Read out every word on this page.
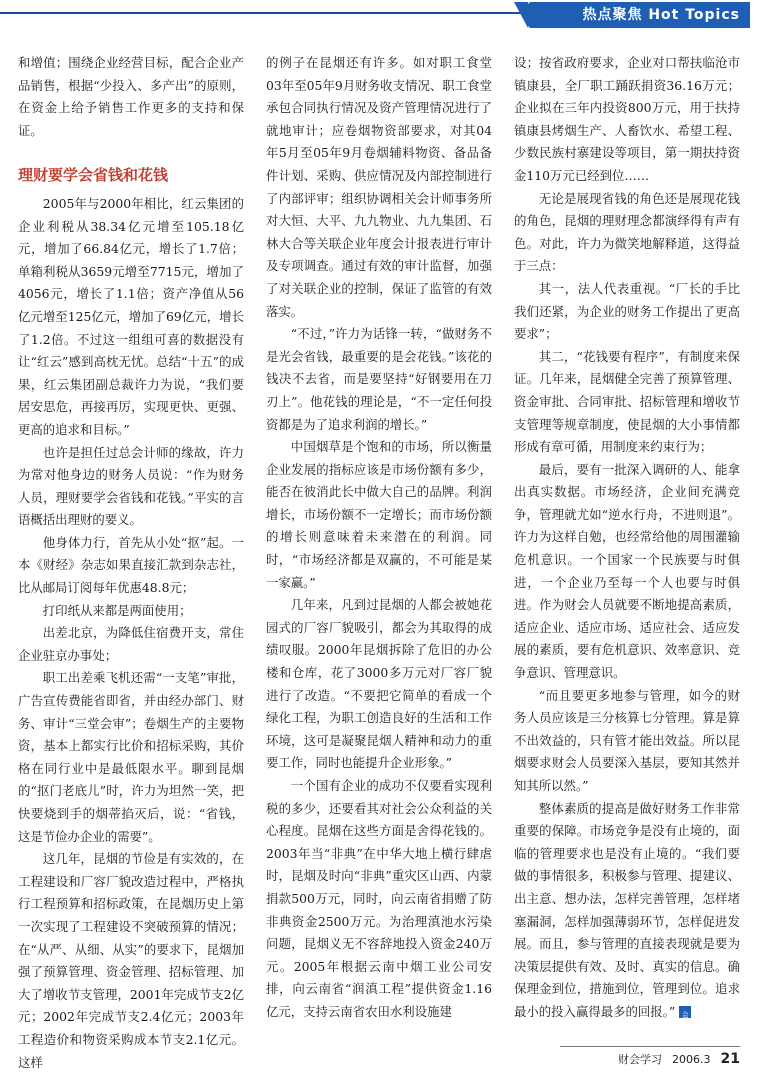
热点聚焦 Hot Topics

和增值；围绕企业经营目标，配合企业产品销售，根据“少投入、多产出”的原则，在资金上给予销售工作更多的支持和保证。

理财要学会省钱和花钱

2005年与2000年相比，红云集团的企业利税从38.34亿元增至105.18亿元，增加了66.84亿元，增长了1.7倍；单箱利税从3659元增至7715元，增加了4056元，增长了1.1倍；资产净值从56亿元增至125亿元，增加了69亿元，增长了1.2倍。不过这一组组可喜的数据没有让“红云”感到高枕无忧。总结“十五”的成果，红云集团副总裁许力为说，“我们要居安思危，再接再厉，实现更快、更强、更高的追求和目标。”

也许是担任过总会计师的缘故，许力为常对他身边的财务人员说：“作为财务人员，理财要学会省钱和花钱。”平实的言语概括出理财的要义。

他身体力行，首先从小处“抠”起。一本《财经》杂志如果直接汇款到杂志社，比从邮局订阅每年优惠48.8元；

打印纸从来都是两面使用；

出差北京，为降低住宿费开支，常住企业驻京办事处；

职工出差乘飞机还需“一支笔”审批，广告宣传费能省即省，并由经办部门、财务、审计“三堂会审”；卷烟生产的主要物资，基本上都实行比价和招标采购，其价格在同行业中是最低限水平。聊到昆烟的“抠门老底儿”时，许力为坦然一笑，把快要烧到手的烟蒂掐灭后，说：“省钱，这是节俭办企业的需要”。

这几年，昆烟的节俭是有实效的，在工程建设和厂容厂貌改造过程中，严格执行工程预算和招标政策，在昆烟历史上第一次实现了工程建设不突破预算的情况；在“从严、从细、从实”的要求下，昆烟加强了预算管理、资金管理、招标管理、加大了增收节支管理，2001年完成节支2亿元；2002年完成节支2.4亿元；2003年工程造价和物资采购成本节支2.1亿元。这样

的例子在昆烟还有许多。如对职工食堂03年至05年9月财务收支情况、职工食堂承包合同执行情况及资产管理情况进行了就地审计；应卷烟物资部要求，对其04年5月至05年9月卷烟辅料物资、备品备件计划、采购、供应情况及内部控制进行了内部评审；组织协调相关会计师事务所对大恒、大平、九九物业、九九集团、石林大合等关联企业年度会计报表进行审计及专项调查。通过有效的审计监督，加强了对关联企业的控制，保证了监管的有效落实。

“不过，”许力为话锋一转，“做财务不是光会省钱，最重要的是会花钱。”该花的钱决不去省，而是要坚持“好钢要用在刀刃上”。他花钱的理论是，“不一定任何投资都是为了追求利润的增长。”

中国烟草是个饱和的市场，所以衡量企业发展的指标应该是市场份额有多少，能否在彼消此长中做大自己的品牌。利润增长，市场份额不一定增长；而市场份额的增长则意味着未来潜在的利润。同时，“市场经济都是双赢的，不可能是某一家赢。”

几年来，凡到过昆烟的人都会被她花园式的厂容厂貌吸引，都会为其取得的成绩叹服。2000年昆烟拆除了危旧的办公楼和仓库，花了3000多万元对厂容厂貌进行了改造。“不要把它简单的看成一个绿化工程，为职工创造良好的生活和工作环境，这可是凝聚昆烟人精神和动力的重要工作，同时也能提升企业形象。”

一个国有企业的成功不仅要看实现利税的多少，还要看其对社会公众利益的关心程度。昆烟在这些方面是舍得花钱的。2003年当“非典”在中华大地上横行肆虐时，昆烟及时向“非典”重灾区山西、内蒙捐款500万元，同时，向云南省捐赠了防非典资金2500万元。为治理滇池水污染问题，昆烟义无不容辞地投入资金240万元。2005年根据云南中烟工业公司安排，向云南省“润滇工程”提供资金1.16亿元，支持云南省农田水利设施建

设；按省政府要求，企业对口帮扶临沧市镇康县，全厂职工踊跃捐资36.16万元；企业拟在三年内投资800万元，用于扶持镇康县烤烟生产、人畜饮水、希望工程、少数民族村寨建设等项目，第一期扶持资金110万元已经到位……

无论是展现省钱的角色还是展现花钱的角色，昆烟的理财理念都演绎得有声有色。对此，许力为微笑地解释道，这得益于三点：

其一，法人代表重视。“厂长的手比我们还紧，为企业的财务工作提出了更高要求”；

其二，“花钱要有程序”，有制度来保证。几年来，昆烟健全完善了预算管理、资金审批、合同审批、招标管理和增收节支管理等规章制度，使昆烟的大小事情都形成有章可循，用制度来约束行为；

最后，要有一批深入调研的人、能拿出真实数据。市场经济，企业间充满竞争，管理就尤如“逆水行舟，不进则退”。许力为这样自勉，也经常给他的周围灌输危机意识。一个国家一个民族要与时俱进，一个企业乃至每一个人也要与时俱进。作为财会人员就要不断地提高素质，适应企业、适应市场、适应社会、适应发展的素质，要有危机意识、效率意识、竞争意识、管理意识。

“而且要更多地参与管理，如今的财务人员应该是三分核算七分管理。算是算不出效益的，只有管才能出效益。所以昆烟要求财会人员要深入基层，要知其然并知其所以然。”

整体素质的提高是做好财务工作非常重要的保障。市场竞争是没有止境的，面临的管理要求也是没有止境的。“我们要做的事情很多，积极参与管理、提建议、出主意、想办法，怎样完善管理，怎样堵塞漏洞，怎样加强薄弱环节，怎样促进发展。而且，参与管理的直接表现就是要为决策层提供有效、及时、真实的信息。确保理金到位，措施到位，管理到位。追求最小的投入赢得最多的回报。”	财会学习

财会学习 2006.3 21
